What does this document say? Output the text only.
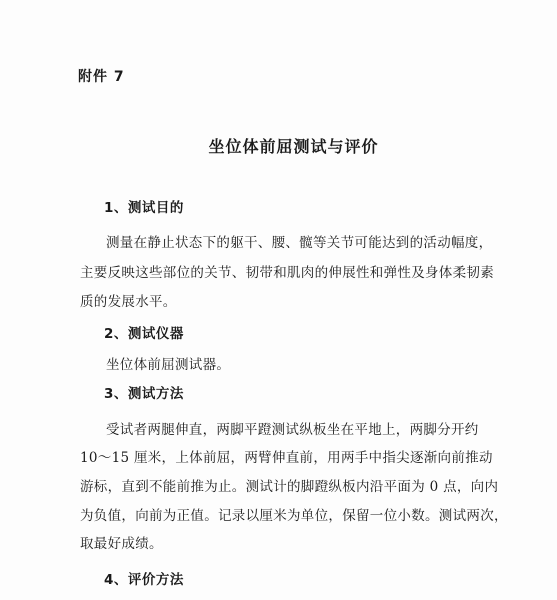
附件 7
坐位体前屈测试与评价
1、测试目的
测量在静止状态下的躯干、腰、髋等关节可能达到的活动幅度，
主要反映这些部位的关节、韧带和肌肉的伸展性和弹性及身体柔韧素
质的发展水平。
2、测试仪器
坐位体前屈测试器。
3、测试方法
受试者两腿伸直，两脚平蹬测试纵板坐在平地上，两脚分开约
10～15 厘米，上体前屈，两臂伸直前，用两手中指尖逐渐向前推动
游标，直到不能前推为止。测试计的脚蹬纵板内沿平面为 0 点，向内
为负值，向前为正值。记录以厘米为单位，保留一位小数。测试两次，
取最好成绩。
4、评价方法
